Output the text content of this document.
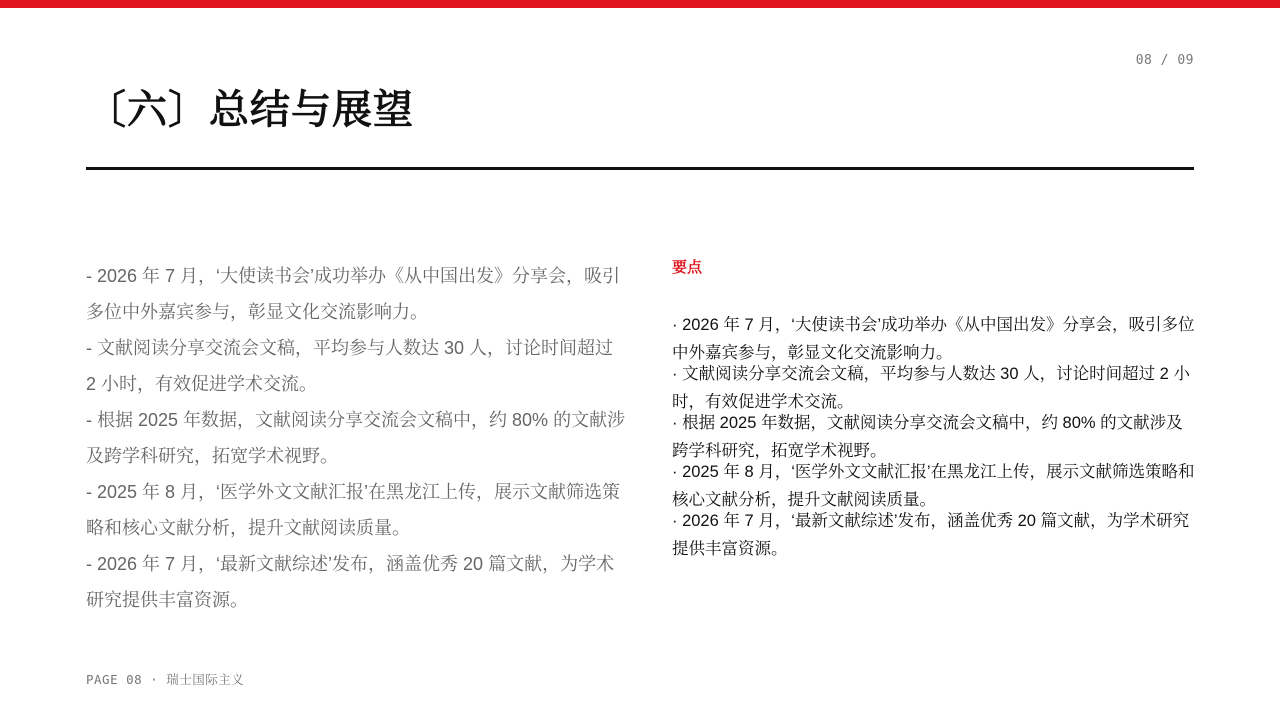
08 / 09
〔六〕总结与展望

- 2026 年 7 月，‘大使读书会’成功举办《从中国出发》分享会，吸引多位中外嘉宾参与，彰显文化交流影响力。

- 文献阅读分享交流会文稿，平均参与人数达 30 人，讨论时间超过 2 小时，有效促进学术交流。

- 根据 2025 年数据，文献阅读分享交流会文稿中，约 80% 的文献涉及跨学科研究，拓宽学术视野。

- 2025 年 8 月，‘医学外文文献汇报’在黑龙江上传，展示文献筛选策略和核心文献分析，提升文献阅读质量。

- 2026 年 7 月，‘最新文献综述’发布，涵盖优秀 20 篇文献，为学术研究提供丰富资源。

要点

· 2026 年 7 月，‘大使读书会’成功举办《从中国出发》分享会，吸引多位中外嘉宾参与，彰显文化交流影响力。

· 文献阅读分享交流会文稿，平均参与人数达 30 人，讨论时间超过 2 小时，有效促进学术交流。

· 根据 2025 年数据，文献阅读分享交流会文稿中，约 80% 的文献涉及跨学科研究，拓宽学术视野。

· 2025 年 8 月，‘医学外文文献汇报’在黑龙江上传，展示文献筛选策略和核心文献分析，提升文献阅读质量。

· 2026 年 7 月，‘最新文献综述’发布，涵盖优秀 20 篇文献，为学术研究提供丰富资源。

PAGE 08 · 瑞士国际主义
